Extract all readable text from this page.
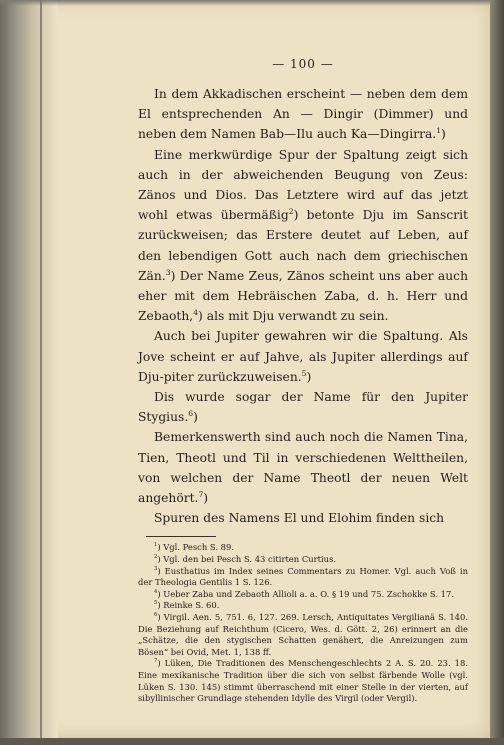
— 100 —

In dem Akkadischen erscheint — neben dem dem El entsprechenden An — Dingir (Dimmer) und neben dem Namen Bab—Ilu auch Ka—Dingirra.$^1$)

Eine merkwürdige Spur der Spaltung zeigt sich auch in der abweichenden Beugung von Zeus: Zänos und Dios. Das Letztere wird auf das jetzt wohl etwas übermäßig$^2$) betonte Dju im Sanscrit zurückweisen; das Erstere deutet auf Leben, auf den lebendigen Gott auch nach dem griechischen Zän.$^3$) Der Name Zeus, Zänos scheint uns aber auch eher mit dem Hebräischen Zaba, d. h. Herr und Zebaoth,$^4$) als mit Dju verwandt zu sein.

Auch bei Jupiter gewahren wir die Spaltung. Als Jove scheint er auf Jahve, als Jupiter allerdings auf Dju-piter zurückzuweisen.$^5$)

Dis wurde sogar der Name für den Jupiter Stygius.$^6$)

Bemerkenswerth sind auch noch die Namen Tina, Tien, Theotl und Til in verschiedenen Welttheilen, von welchen der Name Theotl der neuen Welt angehört.$^7$)

Spuren des Namens El und Elohim finden sich

$^1$) Vgl. Pesch S. 89.

$^2$) Vgl. den bei Pesch S. 43 citirten Curtius.

$^3$) Eusthatius im Index seines Commentars zu Homer. Vgl. auch Voß in der Theologia Gentilis 1 S. 126.

$^4$) Ueber Zaba und Zebaoth Allioli a. a. O. § 19 und 75. Zschokke S. 17.

$^5$) Reinke S. 60.

$^6$) Virgil. Aen. 5, 751. 6, 127. 269. Lersch, Antiquitates Vergilianä S. 140. Die Beziehung auf Reichthum (Cicero, Wes. d. Gött. 2, 26) erinnert an die „Schätze, die den stygischen Schatten genähert, die Anreizungen zum Bösen“ bei Ovid, Met. 1, 138 ff.

$^7$) Lüken, Die Traditionen des Menschengeschlechts 2 A. S. 20. 23. 18. Eine mexikanische Tradition über die sich von selbst färbende Wolle (vgl. Lüken S. 130. 145) stimmt überraschend mit einer Stelle in der vierten, auf sibyllinischer Grundlage stehenden Idylle des Virgil (oder Vergil).
